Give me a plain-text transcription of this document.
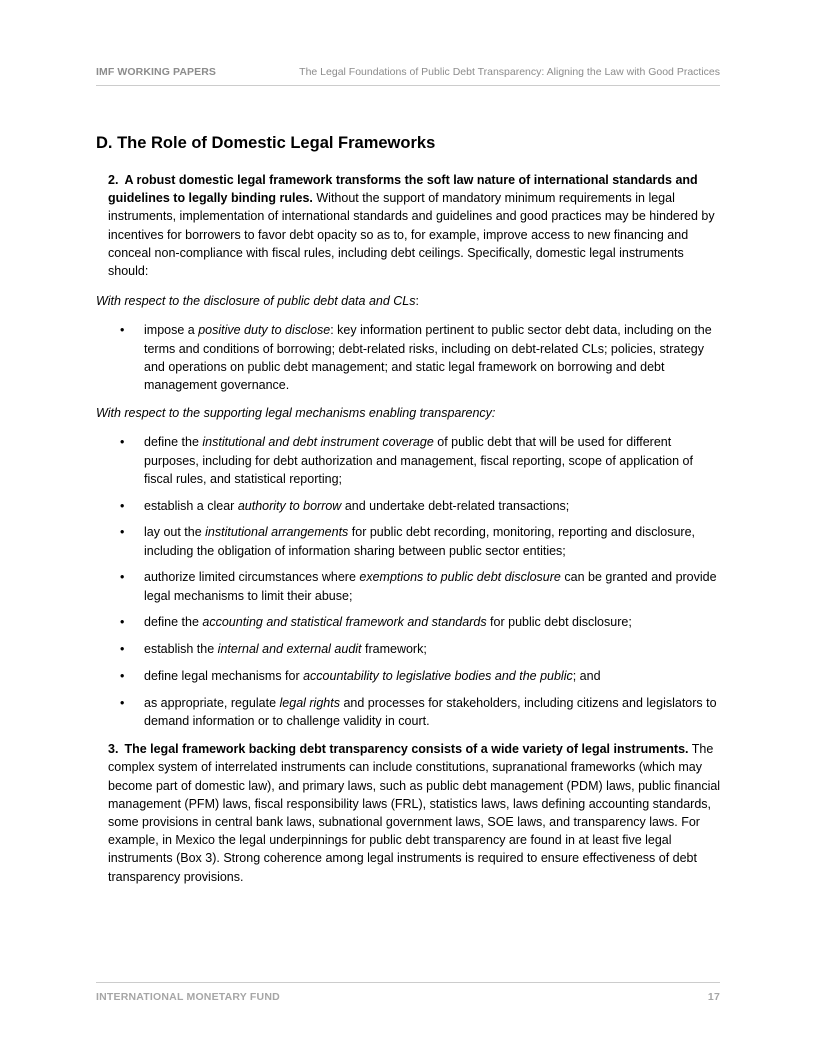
IMF WORKING PAPERS	The Legal Foundations of Public Debt Transparency: Aligning the Law with Good Practices
D. The Role of Domestic Legal Frameworks

2. A robust domestic legal framework transforms the soft law nature of international standards and guidelines to legally binding rules. Without the support of mandatory minimum requirements in legal instruments, implementation of international standards and guidelines and good practices may be hindered by incentives for borrowers to favor debt opacity so as to, for example, improve access to new financing and conceal non-compliance with fiscal rules, including debt ceilings. Specifically, domestic legal instruments should:

With respect to the disclosure of public debt data and CLs:

• impose a positive duty to disclose: key information pertinent to public sector debt data, including on the terms and conditions of borrowing; debt-related risks, including on debt-related CLs; policies, strategy and operations on public debt management; and static legal framework on borrowing and debt management governance.

With respect to the supporting legal mechanisms enabling transparency:

• define the institutional and debt instrument coverage of public debt that will be used for different purposes, including for debt authorization and management, fiscal reporting, scope of application of fiscal rules, and statistical reporting;
• establish a clear authority to borrow and undertake debt-related transactions;
• lay out the institutional arrangements for public debt recording, monitoring, reporting and disclosure, including the obligation of information sharing between public sector entities;
• authorize limited circumstances where exemptions to public debt disclosure can be granted and provide legal mechanisms to limit their abuse;
• define the accounting and statistical framework and standards for public debt disclosure;
• establish the internal and external audit framework;
• define legal mechanisms for accountability to legislative bodies and the public; and
• as appropriate, regulate legal rights and processes for stakeholders, including citizens and legislators to demand information or to challenge validity in court.

3. The legal framework backing debt transparency consists of a wide variety of legal instruments. The complex system of interrelated instruments can include constitutions, supranational frameworks (which may become part of domestic law), and primary laws, such as public debt management (PDM) laws, public financial management (PFM) laws, fiscal responsibility laws (FRL), statistics laws, laws defining accounting standards, some provisions in central bank laws, subnational government laws, SOE laws, and transparency laws. For example, in Mexico the legal underpinnings for public debt transparency are found in at least five legal instruments (Box 3). Strong coherence among legal instruments is required to ensure effectiveness of debt transparency provisions.

INTERNATIONAL MONETARY FUND	17
